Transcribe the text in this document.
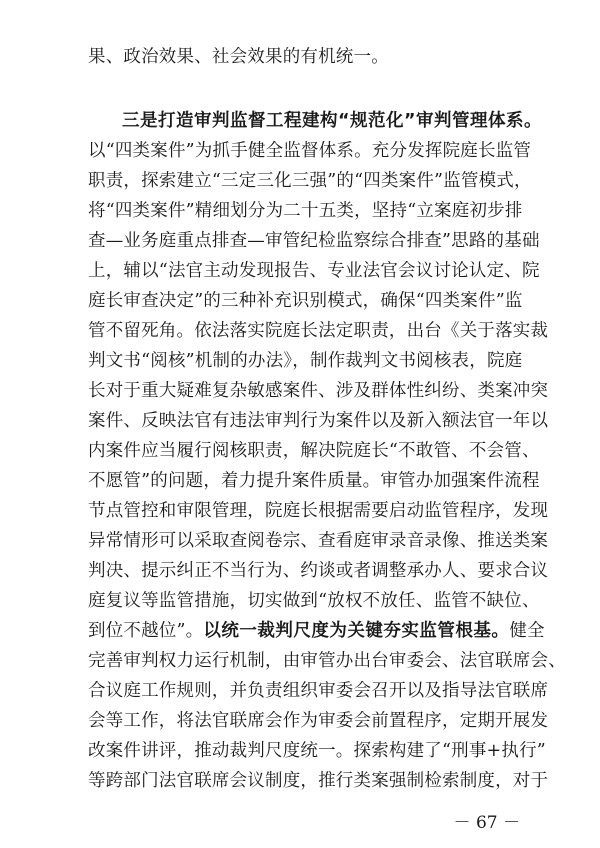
果、政治效果、社会效果的有机统一。
三是打造审判监督工程建构“规范化”审判管理体系。
以“四类案件”为抓手健全监督体系。充分发挥院庭长监管
职责，探索建立“三定三化三强”的“四类案件”监管模式，
将“四类案件”精细划分为二十五类，坚持“立案庭初步排
查—业务庭重点排查—审管纪检监察综合排查”思路的基础
上，辅以“法官主动发现报告、专业法官会议讨论认定、院
庭长审查决定”的三种补充识别模式，确保“四类案件”监
管不留死角。依法落实院庭长法定职责，出台《关于落实裁
判文书“阅核”机制的办法》，制作裁判文书阅核表，院庭
长对于重大疑难复杂敏感案件、涉及群体性纠纷、类案冲突
案件、反映法官有违法审判行为案件以及新入额法官一年以
内案件应当履行阅核职责，解决院庭长“不敢管、不会管、
不愿管”的问题，着力提升案件质量。审管办加强案件流程
节点管控和审限管理，院庭长根据需要启动监管程序，发现
异常情形可以采取查阅卷宗、查看庭审录音录像、推送类案
判决、提示纠正不当行为、约谈或者调整承办人、要求合议
庭复议等监管措施，切实做到“放权不放任、监管不缺位、
到位不越位”。以统一裁判尺度为关键夯实监管根基。健全
完善审判权力运行机制，由审管办出台审委会、法官联席会、
合议庭工作规则，并负责组织审委会召开以及指导法官联席
会等工作，将法官联席会作为审委会前置程序，定期开展发
改案件讲评，推动裁判尺度统一。探索构建了“刑事+执行”
等跨部门法官联席会议制度，推行类案强制检索制度，对于
－ 67 －
